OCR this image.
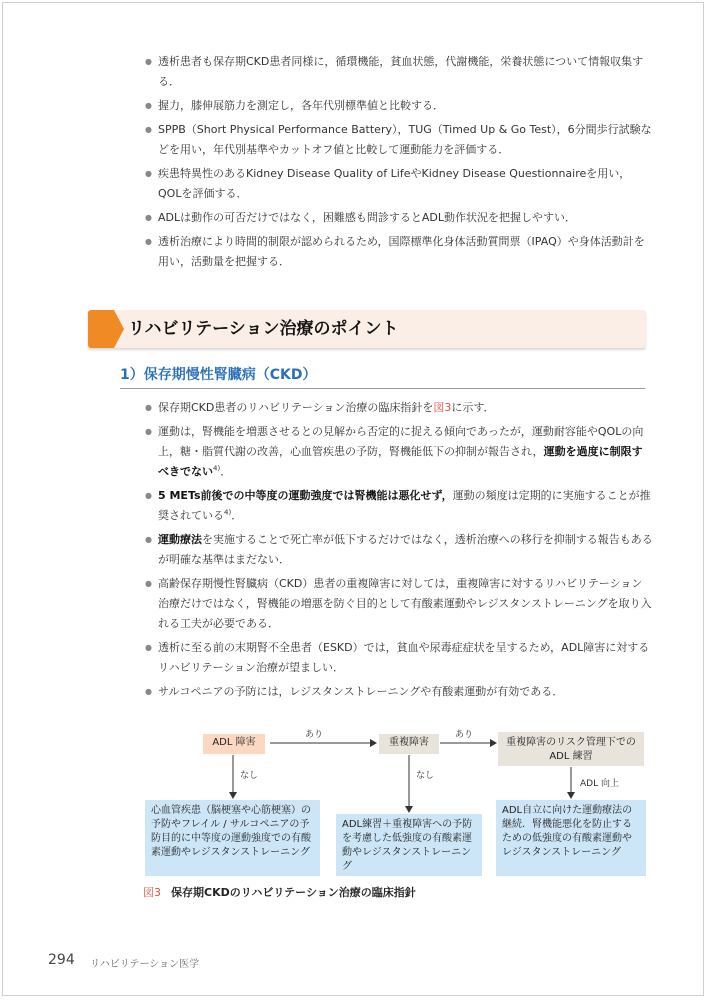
● 透析患者も保存期CKD患者同様に，循環機能，貧血状態，代謝機能，栄養状態について情報収集する．
● 握力，膝伸展筋力を測定し，各年代別標準値と比較する．
● SPPB（Short Physical Performance Battery），TUG（Timed Up & Go Test），6分間歩行試験などを用い，年代別基準やカットオフ値と比較して運動能力を評価する．
● 疾患特異性のあるKidney Disease Quality of LifeやKidney Disease Questionnaireを用い，QOLを評価する．
● ADLは動作の可否だけではなく，困難感も問診するとADL動作状況を把握しやすい．
● 透析治療により時間的制限が認められるため，国際標準化身体活動質問票（IPAQ）や身体活動計を用い，活動量を把握する．
リハビリテーション治療のポイント
1）保存期慢性腎臓病（CKD）
● 保存期CKD患者のリハビリテーション治療の臨床指針を図3に示す．
● 運動は，腎機能を増悪させるとの見解から否定的に捉える傾向であったが，運動耐容能やQOLの向上，糖・脂質代謝の改善，心血管疾患の予防，腎機能低下の抑制が報告され，運動を過度に制限すべきでない$^{4)}$．
● 5 METs前後での中等度の運動強度では腎機能は悪化せず，運動の頻度は定期的に実施することが推奨されている$^{4)}$．
● 運動療法を実施することで死亡率が低下するだけではなく，透析治療への移行を抑制する報告もあるが明確な基準はまだない．
● 高齢保存期慢性腎臓病（CKD）患者の重複障害に対しては，重複障害に対するリハビリテーション治療だけではなく，腎機能の増悪を防ぐ目的として有酸素運動やレジスタンストレーニングを取り入れる工夫が必要である．
● 透析に至る前の末期腎不全患者（ESKD）では，貧血や尿毒症症状を呈するため，ADL障害に対するリハビリテーション治療が望ましい．
● サルコペニアの予防には，レジスタンストレーニングや有酸素運動が有効である．
ADL 障害	重複障害	重複障害のリスク管理下での ADL 練習
あり	あり
なし	なし
ADL 向上
心血管疾患（脳梗塞や心筋梗塞）の予防やフレイル / サルコペニアの予防目的に中等度の運動強度での有酸素運動やレジスタンストレーニング
ADL練習＋重複障害への予防を考慮した低強度の有酸素運動やレジスタンストレーニング
ADL自立に向けた運動療法の継続．腎機能悪化を防止するための低強度の有酸素運動やレジスタンストレーニング
図3 保存期CKDのリハビリテーション治療の臨床指針
294 リハビリテーション医学
